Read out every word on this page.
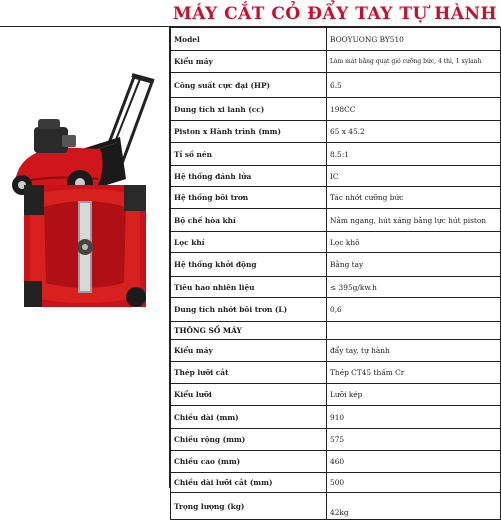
MÁY CẮT CỎ ĐẨY TAY TỰ HÀNH
Model	BOOYUONG BY510
Kiểu máy	Làm mát bằng quạt gió cưỡng bức, 4 thì, 1 xylanh
Công suất cực đại (HP)	6.5
Dung tích xi lanh (cc)	198CC
Piston x Hành trình (mm)	65 x 45.2
Tỉ số nén	8.5:1
Hệ thống đánh lửa	IC
Hệ thống bôi trơn	Tác nhớt cưỡng bức
Bộ chế hòa khí	Nằm ngang, hút xăng bằng lực hút piston
Lọc khí	Lọc khô
Hệ thống khởi động	Bằng tay
Tiêu hao nhiên liệu	≤ 395g/kw.h
Dung tích nhớt bôi trơn (L)	0,6
THÔNG SỐ MÁY	
Kiểu máy	đẩy tay, tự hành
Thép lưỡi cắt	Thép CT45 thấm Cr
Kiểu lưỡi	Lưỡi kép
Chiều dài (mm)	910
Chiều rộng (mm)	575
Chiều cao (mm)	460
Chiều dài lưỡi cắt (mm)	500
Trọng lượng (kg)	42kg
